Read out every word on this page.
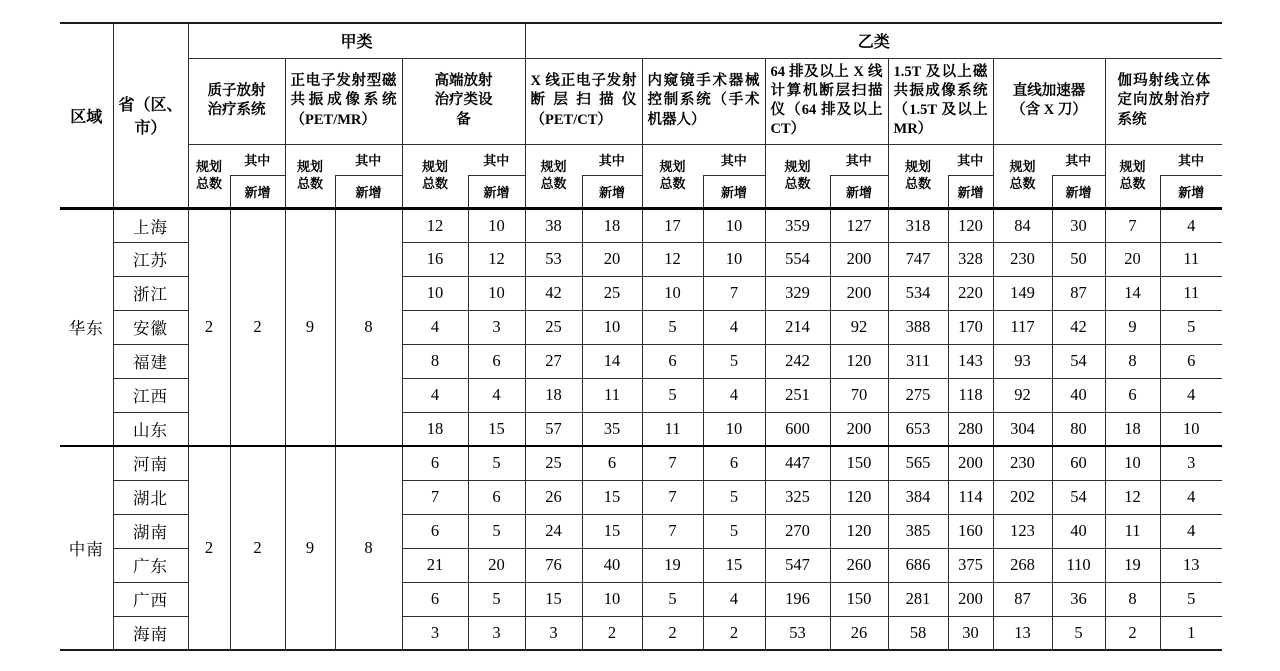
区域	省（区、市）	甲类						乙类											
		质子放射治疗系统		正电子发射型磁共振成像系统（PET/MR）		高端放射治疗类设备		X 线正电子发射断层扫描仪（PET/CT）		内窥镜手术器械控制系统（手术机器人）		64 排及以上 X 线计算机断层扫描仪（64 排及以上 CT）		1.5T 及以上磁共振成像系统（1.5T 及以上 MR）		直线加速器（含 X 刀）		伽玛射线立体定向放射治疗系统	
		规划总数	其中	规划总数	其中	规划总数	其中	规划总数	其中	规划总数	其中	规划总数	其中	规划总数	其中	规划总数	其中	规划总数	其中
			新增		新增		新增		新增		新增		新增		新增		新增		新增
华东	上海	2	2	9	8	12	10	38	18	17	10	359	127	318	120	84	30	7	4
	江苏					16	12	53	20	12	10	554	200	747	328	230	50	20	11
	浙江					10	10	42	25	10	7	329	200	534	220	149	87	14	11
	安徽					4	3	25	10	5	4	214	92	388	170	117	42	9	5
	福建					8	6	27	14	6	5	242	120	311	143	93	54	8	6
	江西					4	4	18	11	5	4	251	70	275	118	92	40	6	4
	山东					18	15	57	35	11	10	600	200	653	280	304	80	18	10
中南	河南	2	2	9	8	6	5	25	6	7	6	447	150	565	200	230	60	10	3
	湖北					7	6	26	15	7	5	325	120	384	114	202	54	12	4
	湖南					6	5	24	15	7	5	270	120	385	160	123	40	11	4
	广东					21	20	76	40	19	15	547	260	686	375	268	110	19	13
	广西					6	5	15	10	5	4	196	150	281	200	87	36	8	5
	海南					3	3	3	2	2	2	53	26	58	30	13	5	2	1
